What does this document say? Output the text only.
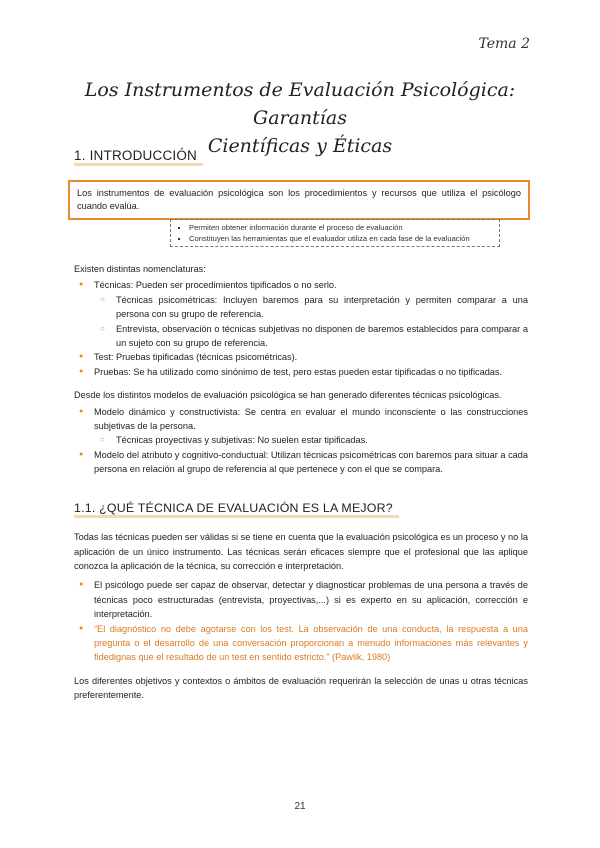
Tema 2
Los Instrumentos de Evaluación Psicológica: Garantías
Científicas y Éticas
1. INTRODUCCIÓN
Los instrumentos de evaluación psicológica son los procedimientos y recursos que utiliza el psicólogo cuando evalúa.
▪ Permiten obtener información durante el proceso de evaluación
▪ Constituyen las herramientas que el evaluador utiliza en cada fase de la evaluación

Existen distintas nomenclaturas:

● Técnicas: Pueden ser procedimientos tipificados o no serlo.
○ Técnicas psicométricas: Incluyen baremos para su interpretación y permiten comparar a una persona con su grupo de referencia.
○ Entrevista, observación o técnicas subjetivas no disponen de baremos establecidos para comparar a un sujeto con su grupo de referencia.
● Test: Pruebas tipificadas (técnicas psicométricas).
● Pruebas: Se ha utilizado como sinónimo de test, pero estas pueden estar tipificadas o no tipificadas.

Desde los distintos modelos de evaluación psicológica se han generado diferentes técnicas psicológicas.

● Modelo dinámico y constructivista: Se centra en evaluar el mundo inconsciente o las construcciones subjetivas de la persona.
○ Técnicas proyectivas y subjetivas: No suelen estar tipificadas.
● Modelo del atributo y cognitivo-conductual: Utilizan técnicas psicométricas con baremos para situar a cada persona en relación al grupo de referencia al que pertenece y con el que se compara.
1.1. ¿QUÉ TÉCNICA DE EVALUACIÓN ES LA MEJOR?

Todas las técnicas pueden ser válidas si se tiene en cuenta que la evaluación psicológica es un proceso y no la aplicación de un único instrumento. Las técnicas serán eficaces siempre que el profesional que las aplique conozca la aplicación de la técnica, su corrección e interpretación.

● El psicólogo puede ser capaz de observar, detectar y diagnosticar problemas de una persona a través de técnicas poco estructuradas (entrevista, proyectivas,...) si es experto en su aplicación, corrección e interpretación.
● “El diagnóstico no debe agotarse con los test. La observación de una conducta, la respuesta a una pregunta o el desarrollo de una conversación proporcionan a menudo informaciones más relevantes y fidedignas que el resultado de un test en sentido estricto.” (Pawlik, 1980)

Los diferentes objetivos y contextos o ámbitos de evaluación requerirán la selección de unas u otras técnicas preferentemente.

21
